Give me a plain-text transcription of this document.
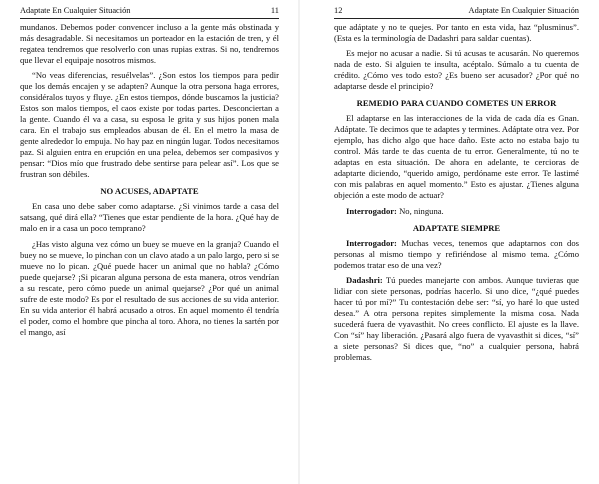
Adaptate En Cualquier Situación	11

mundanos. Debemos poder convencer incluso a la gente más obstinada y más desagradable. Si necesitamos un porteador en la estación de tren, y él regatea tendremos que resolverlo con unas rupias extras. Si no, tendremos que llevar el equipaje nosotros mismos.

“No veas diferencias, resuélvelas”. ¿Son estos los tiempos para pedir que los demás encajen y se adapten? Aunque la otra persona haga errores, considéralos tuyos y fluye. ¿En estos tiempos, dónde buscamos la justicia? Estos son malos tiempos, el caos existe por todas partes. Desconciertan a la gente. Cuando él va a casa, su esposa le grita y sus hijos ponen mala cara. En el trabajo sus empleados abusan de él. En el metro la masa de gente alrededor lo empuja. No hay paz en ningún lugar. Todos necesitamos paz. Si alguien entra en erupción en una pelea, debemos ser compasivos y pensar: “Dios mío que frustrado debe sentirse para pelear así”. Los que se frustran son débiles.

NO ACUSES, ADAPTATE

En casa uno debe saber como adaptarse. ¿Si vinimos tarde a casa del satsang, qué dirá ella? “Tienes que estar pendiente de la hora. ¿Qué hay de malo en ir a casa un poco temprano?

¿Has visto alguna vez cómo un buey se mueve en la granja? Cuando el buey no se mueve, lo pinchan con un clavo atado a un palo largo, pero si se mueve no lo pican. ¿Qué puede hacer un animal que no habla? ¿Cómo puede quejarse? ¡Si picaran alguna persona de esta manera, otros vendrían a su rescate, pero cómo puede un animal quejarse? ¿Por qué un animal sufre de este modo? Es por el resultado de sus acciones de su vida anterior. En su vida anterior él habrá acusado a otros. En aquel momento él tendría el poder, como el hombre que pincha al toro. Ahora, no tienes la sartén por el mango, así

12	Adaptate En Cualquier Situación

que adáptate y no te quejes. Por tanto en esta vida, haz “plusminus”. (Esta es la terminología de Dadashri para saldar cuentas).

Es mejor no acusar a nadie. Si tú acusas te acusarán. No queremos nada de esto. Si alguien te insulta, acéptalo. Súmalo a tu cuenta de crédito. ¿Cómo ves todo esto? ¿Es bueno ser acusador? ¿Por qué no adaptarse desde el principio?

REMEDIO PARA CUANDO COMETES UN ERROR

El adaptarse en las interacciones de la vida de cada día es Gnan. Adáptate. Te decimos que te adaptes y termines. Adáptate otra vez. Por ejemplo, has dicho algo que hace daño. Este acto no estaba bajo tu control. Más tarde te das cuenta de tu error. Generalmente, tú no te adaptas en esta situación. De ahora en adelante, te cercioras de adaptarte diciendo, “querido amigo, perdóname este error. Te lastimé con mis palabras en aquel momento.” Esto es ajustar. ¿Tienes alguna objeción a este modo de actuar?

Interrogador: No, ninguna.

ADAPTATE SIEMPRE

Interrogador: Muchas veces, tenemos que adaptarnos con dos personas al mismo tiempo y refiriéndose al mismo tema. ¿Cómo podemos tratar eso de una vez?

Dadashri: Tú puedes manejarte con ambos. Aunque tuvieras que lidiar con siete personas, podrías hacerlo. Si uno dice, “¿qué puedes hacer tú por mí?” Tu contestación debe ser: “sí, yo haré lo que usted desea.” A otra persona repites simplemente la misma cosa. Nada sucederá fuera de vyavasthit. No crees conflicto. El ajuste es la llave. Con “sí” hay liberación. ¿Pasará algo fuera de vyavasthit si dices, “sí” a siete personas? Si dices que, “no” a cualquier persona, habrá problemas.
